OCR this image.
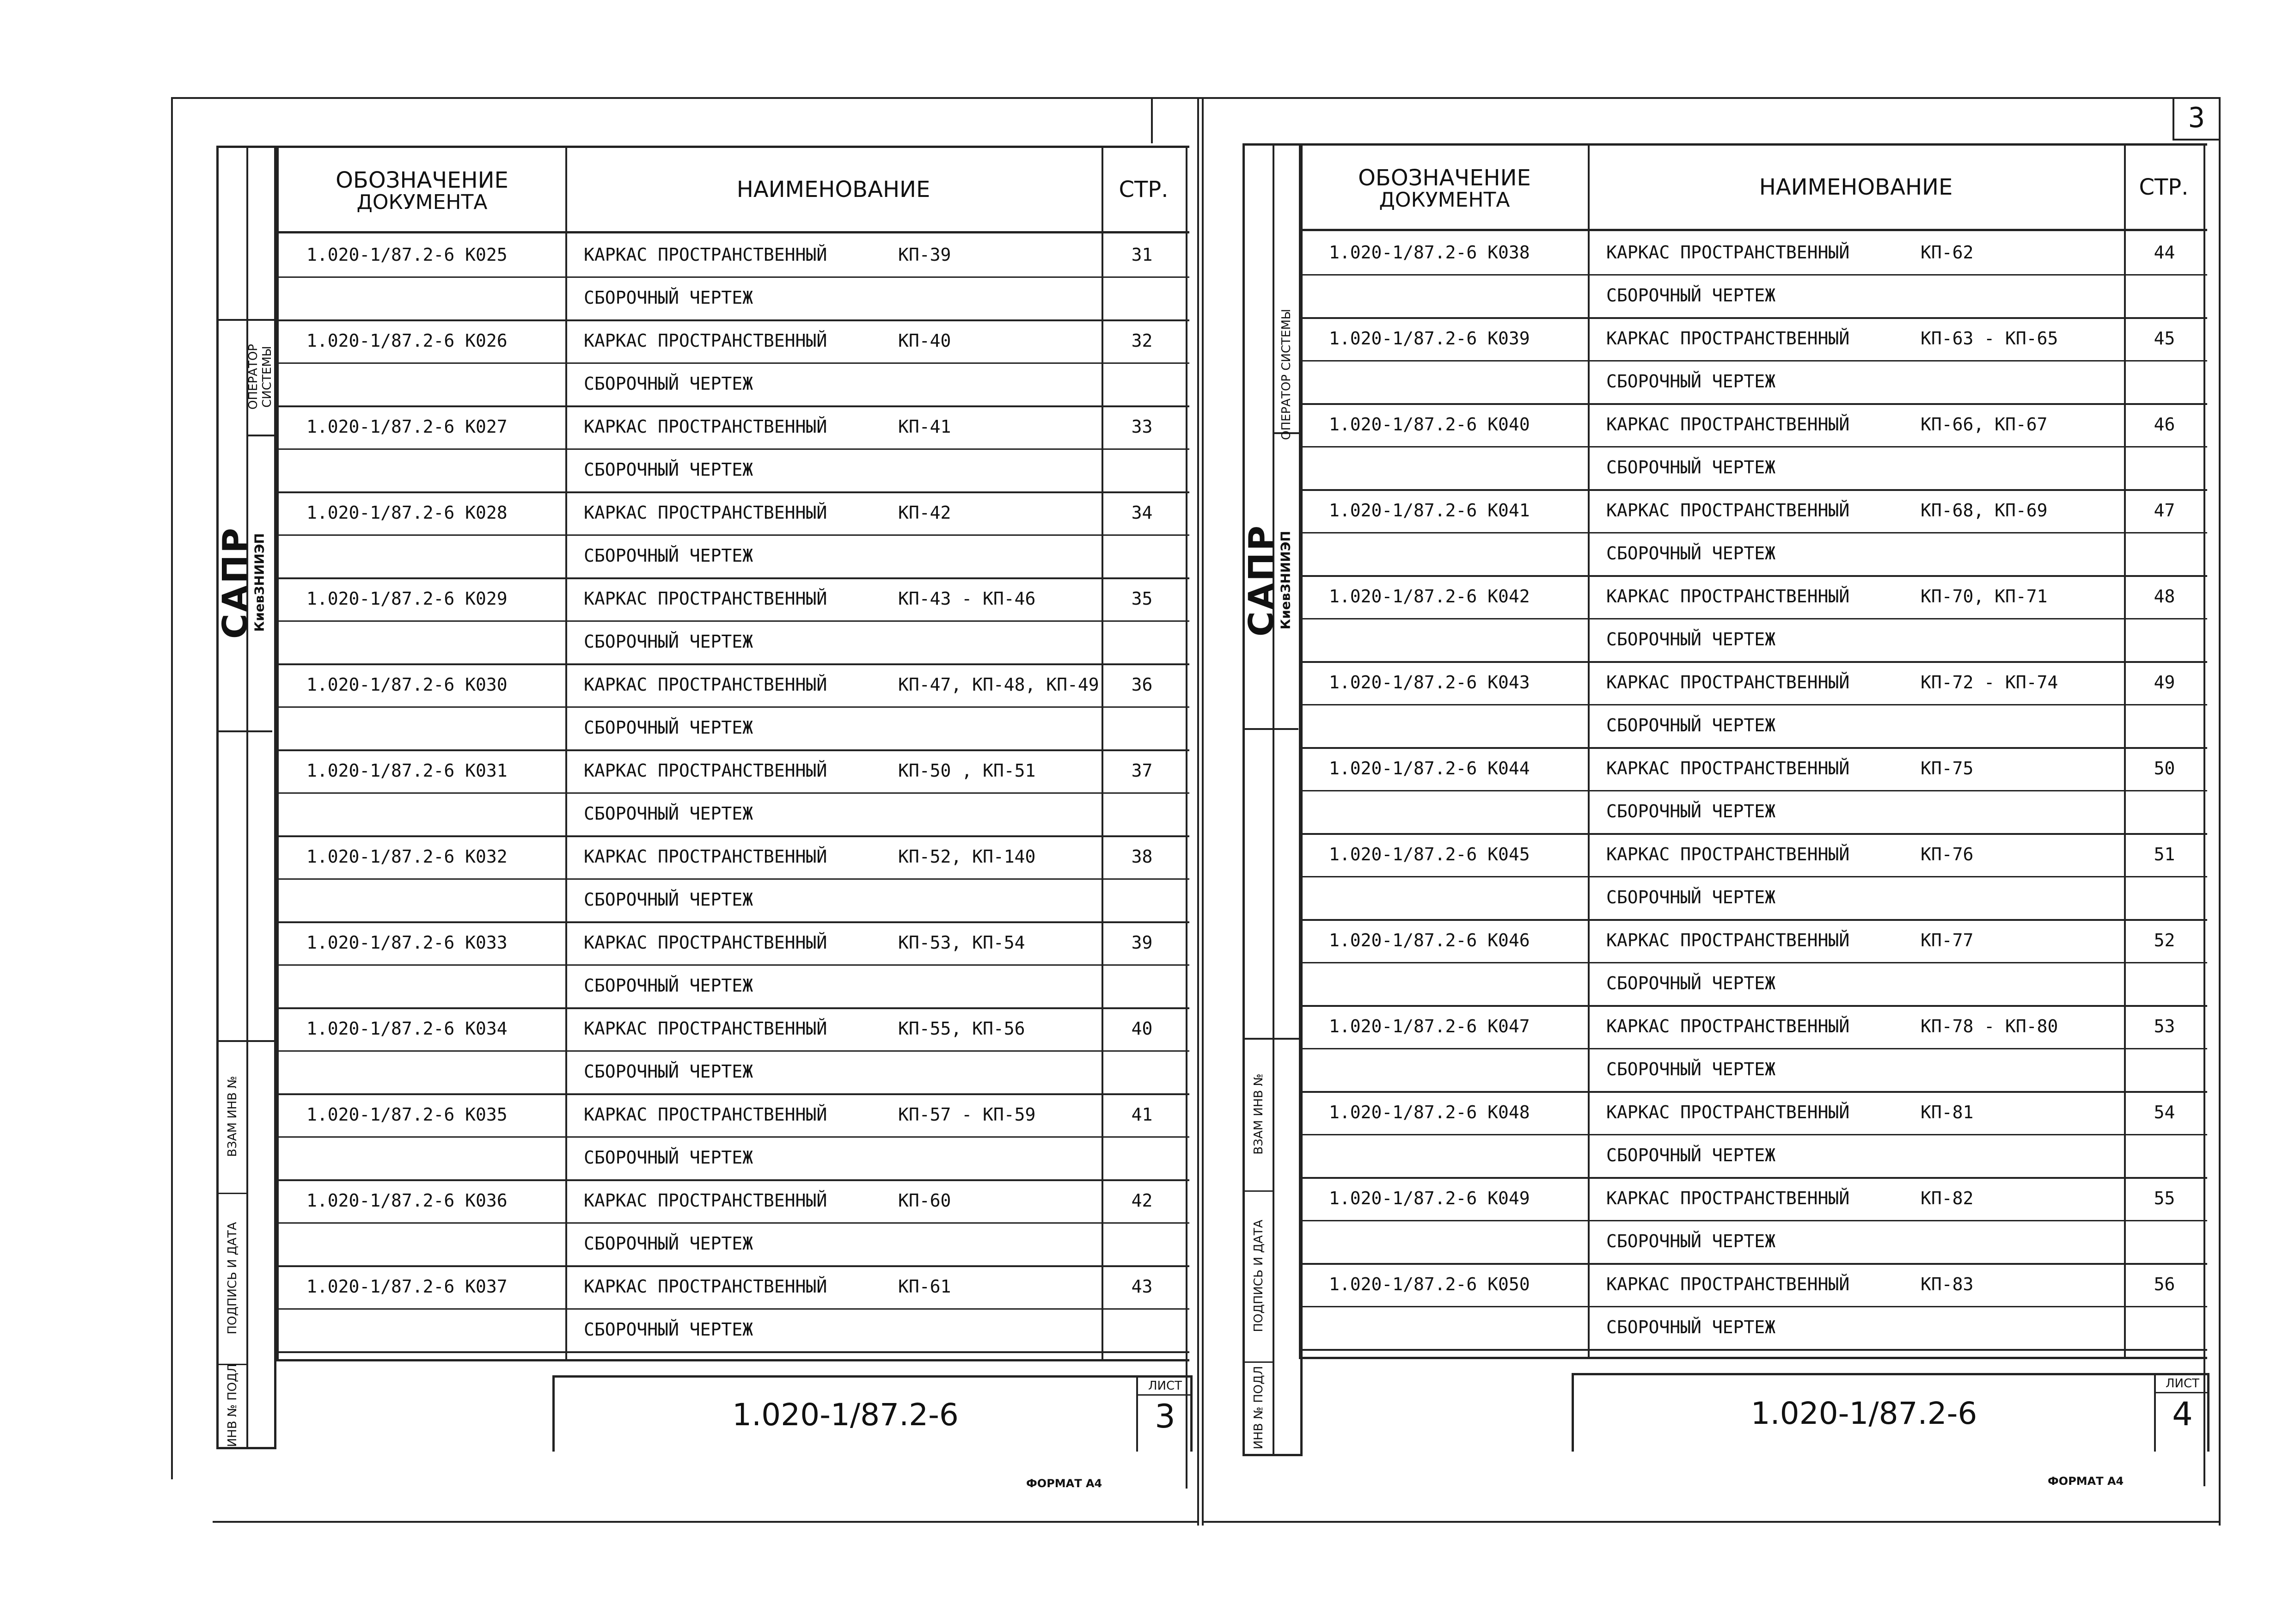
ОПЕРАТОР СИСТЕМЫ
САПР
КиевЗНИИЭП
ВЗАМ ИНВ №
ПОДПИСЬ И ДАТА
ИНВ № ПОДЛ
ОБОЗНАЧЕНИЕ
ДОКУМЕНТА	НАИМЕНОВАНИЕ	СТР.
1.020-1/87.2-6 К025	КАРКАС ПРОСТРАНСТВЕННЫЙ	КП-39	31
СБОРОЧНЫЙ ЧЕРТЕЖ
1.020-1/87.2-6 К026	КАРКАС ПРОСТРАНСТВЕННЫЙ	КП-40	32
СБОРОЧНЫЙ ЧЕРТЕЖ
1.020-1/87.2-6 К027	КАРКАС ПРОСТРАНСТВЕННЫЙ	КП-41	33
СБОРОЧНЫЙ ЧЕРТЕЖ
1.020-1/87.2-6 К028	КАРКАС ПРОСТРАНСТВЕННЫЙ	КП-42	34
СБОРОЧНЫЙ ЧЕРТЕЖ
1.020-1/87.2-6 К029	КАРКАС ПРОСТРАНСТВЕННЫЙ	КП-43 - КП-46	35
СБОРОЧНЫЙ ЧЕРТЕЖ
1.020-1/87.2-6 К030	КАРКАС ПРОСТРАНСТВЕННЫЙ	КП-47, КП-48, КП-49	36
СБОРОЧНЫЙ ЧЕРТЕЖ
1.020-1/87.2-6 К031	КАРКАС ПРОСТРАНСТВЕННЫЙ	КП-50 , КП-51	37
СБОРОЧНЫЙ ЧЕРТЕЖ
1.020-1/87.2-6 К032	КАРКАС ПРОСТРАНСТВЕННЫЙ	КП-52, КП-140	38
СБОРОЧНЫЙ ЧЕРТЕЖ
1.020-1/87.2-6 К033	КАРКАС ПРОСТРАНСТВЕННЫЙ	КП-53, КП-54	39
СБОРОЧНЫЙ ЧЕРТЕЖ
1.020-1/87.2-6 К034	КАРКАС ПРОСТРАНСТВЕННЫЙ	КП-55, КП-56	40
СБОРОЧНЫЙ ЧЕРТЕЖ
1.020-1/87.2-6 К035	КАРКАС ПРОСТРАНСТВЕННЫЙ	КП-57 - КП-59	41
СБОРОЧНЫЙ ЧЕРТЕЖ
1.020-1/87.2-6 К036	КАРКАС ПРОСТРАНСТВЕННЫЙ	КП-60	42
СБОРОЧНЫЙ ЧЕРТЕЖ
1.020-1/87.2-6 К037	КАРКАС ПРОСТРАНСТВЕННЫЙ	КП-61	43
СБОРОЧНЫЙ ЧЕРТЕЖ
1.020-1/87.2-6
ЛИСТ
3
ФОРМАТ А4
3
ОПЕРАТОР СИСТЕМЫ
САПР
КиевЗНИИЭП
ВЗАМ ИНВ №
ПОДПИСЬ И ДАТА
ИНВ № ПОДЛ
ОБОЗНАЧЕНИЕ
ДОКУМЕНТА	НАИМЕНОВАНИЕ	СТР.
1.020-1/87.2-6 К038	КАРКАС ПРОСТРАНСТВЕННЫЙ	КП-62	44
СБОРОЧНЫЙ ЧЕРТЕЖ
1.020-1/87.2-6 К039	КАРКАС ПРОСТРАНСТВЕННЫЙ	КП-63 - КП-65	45
СБОРОЧНЫЙ ЧЕРТЕЖ
1.020-1/87.2-6 К040	КАРКАС ПРОСТРАНСТВЕННЫЙ	КП-66, КП-67	46
СБОРОЧНЫЙ ЧЕРТЕЖ
1.020-1/87.2-6 К041	КАРКАС ПРОСТРАНСТВЕННЫЙ	КП-68, КП-69	47
СБОРОЧНЫЙ ЧЕРТЕЖ
1.020-1/87.2-6 К042	КАРКАС ПРОСТРАНСТВЕННЫЙ	КП-70, КП-71	48
СБОРОЧНЫЙ ЧЕРТЕЖ
1.020-1/87.2-6 К043	КАРКАС ПРОСТРАНСТВЕННЫЙ	КП-72 - КП-74	49
СБОРОЧНЫЙ ЧЕРТЕЖ
1.020-1/87.2-6 К044	КАРКАС ПРОСТРАНСТВЕННЫЙ	КП-75	50
СБОРОЧНЫЙ ЧЕРТЕЖ
1.020-1/87.2-6 К045	КАРКАС ПРОСТРАНСТВЕННЫЙ	КП-76	51
СБОРОЧНЫЙ ЧЕРТЕЖ
1.020-1/87.2-6 К046	КАРКАС ПРОСТРАНСТВЕННЫЙ	КП-77	52
СБОРОЧНЫЙ ЧЕРТЕЖ
1.020-1/87.2-6 К047	КАРКАС ПРОСТРАНСТВЕННЫЙ	КП-78 - КП-80	53
СБОРОЧНЫЙ ЧЕРТЕЖ
1.020-1/87.2-6 К048	КАРКАС ПРОСТРАНСТВЕННЫЙ	КП-81	54
СБОРОЧНЫЙ ЧЕРТЕЖ
1.020-1/87.2-6 К049	КАРКАС ПРОСТРАНСТВЕННЫЙ	КП-82	55
СБОРОЧНЫЙ ЧЕРТЕЖ
1.020-1/87.2-6 К050	КАРКАС ПРОСТРАНСТВЕННЫЙ	КП-83	56
СБОРОЧНЫЙ ЧЕРТЕЖ
1.020-1/87.2-6
ЛИСТ
4
ФОРМАТ А4
